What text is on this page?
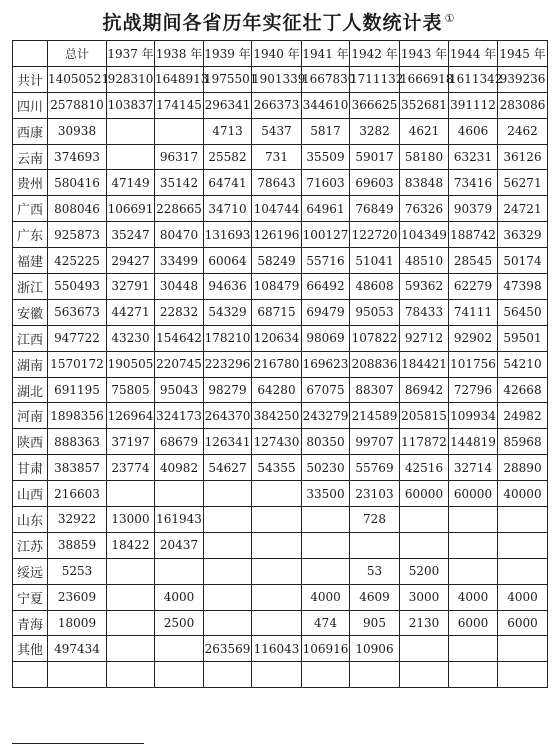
抗战期间各省历年实征壮丁人数统计表 ①
	总计	1937 年	1938 年	1939 年	1940 年	1941 年	1942 年	1943 年	1944 年	1945 年
共计	14050521	928310	1648913	1975501	1901339	1667830	1711132	1666918	1611342	939236
四川	2578810	103837	174145	296341	266373	344610	366625	352681	391112	283086
西康	30938			4713	5437	5817	3282	4621	4606	2462
云南	374693		96317	25582	731	35509	59017	58180	63231	36126
贵州	580416	47149	35142	64741	78643	71603	69603	83848	73416	56271
广西	808046	106691	228665	34710	104744	64961	76849	76326	90379	24721
广东	925873	35247	80470	131693	126196	100127	122720	104349	188742	36329
福建	425225	29427	33499	60064	58249	55716	51041	48510	28545	50174
浙江	550493	32791	30448	94636	108479	66492	48608	59362	62279	47398
安徽	563673	44271	22832	54329	68715	69479	95053	78433	74111	56450
江西	947722	43230	154642	178210	120634	98069	107822	92712	92902	59501
湖南	1570172	190505	220745	223296	216780	169623	208836	184421	101756	54210
湖北	691195	75805	95043	98279	64280	67075	88307	86942	72796	42668
河南	1898356	126964	324173	264370	384250	243279	214589	205815	109934	24982
陕西	888363	37197	68679	126341	127430	80350	99707	117872	144819	85968
甘肃	383857	23774	40982	54627	54355	50230	55769	42516	32714	28890
山西	216603					33500	23103	60000	60000	40000
山东	32922	13000	161943				728			
江苏	38859	18422	20437							
绥远	5253						53	5200		
宁夏	23609		4000			4000	4609	3000	4000	4000
青海	18009		2500			474	905	2130	6000	6000
其他	497434			263569	116043	106916	10906			
